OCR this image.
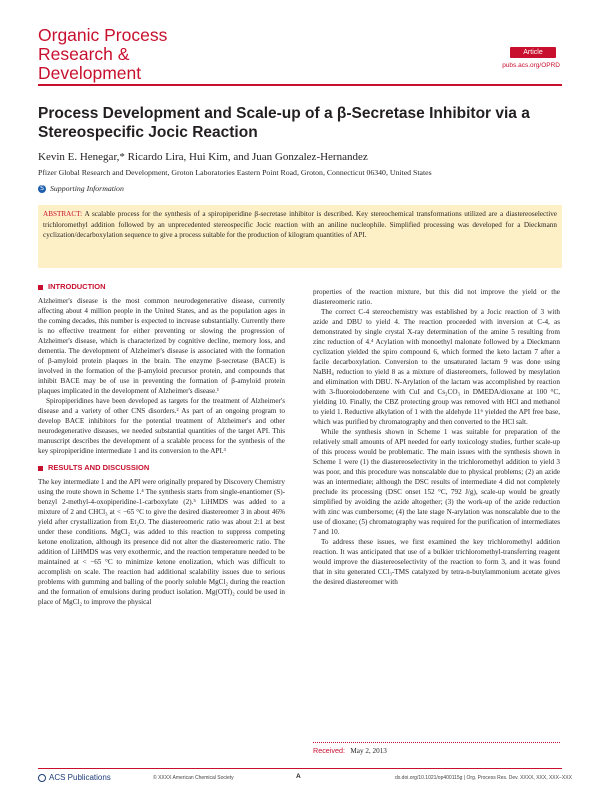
Organic Process
Research &
Development
Article
pubs.acs.org/OPRD
Process Development and Scale-up of a β-Secretase Inhibitor via a Stereospecific Jocic Reaction
Kevin E. Henegar,* Ricardo Lira, Hui Kim, and Juan Gonzalez-Hernandez
Pfizer Global Research and Development, Groton Laboratories Eastern Point Road, Groton, Connecticut 06340, United States
S Supporting Information
ABSTRACT: A scalable process for the synthesis of a spiropiperidine β-secretase inhibitor is described. Key stereochemical transformations utilized are a diastereoselective trichloromethyl addition followed by an unprecedented stereospecific Jocic reaction with an aniline nucleophile. Simplified processing was developed for a Dieckmann cyclization/decarboxylation sequence to give a process suitable for the production of kilogram quantities of API.
INTRODUCTION

Alzheimer's disease is the most common neurodegenerative disease, currently affecting about 4 million people in the United States, and as the population ages in the coming decades, this number is expected to increase substantially. Currently there is no effective treatment for either preventing or slowing the progression of Alzheimer's disease, which is characterized by cognitive decline, memory loss, and dementia. The development of Alzheimer's disease is associated with the formation of β-amyloid protein plaques in the brain. The enzyme β-secretase (BACE) is involved in the formation of the β-amyloid precursor protein, and compounds that inhibit BACE may be of use in preventing the formation of β-amyloid protein plaques implicated in the development of Alzheimer's disease.¹

Spiropiperidines have been developed as targets for the treatment of Alzheimer's disease and a variety of other CNS disorders.² As part of an ongoing program to develop BACE inhibitors for the potential treatment of Alzheimer's and other neurodegenerative diseases, we needed substantial quantities of the target API. This manuscript describes the development of a scalable process for the synthesis of the key spiropiperidine intermediate 1 and its conversion to the API.³

RESULTS AND DISCUSSION

The key intermediate 1 and the API were originally prepared by Discovery Chemistry using the route shown in Scheme 1.⁴ The synthesis starts from single-enantiomer (S)-benzyl 2-methyl-4-oxopiperidine-1-carboxylate (2).⁵ LiHMDS was added to a mixture of 2 and CHCl₃ at < −65 °C to give the desired diastereomer 3 in about 46% yield after crystallization from Et₂O. The diastereomeric ratio was about 2:1 at best under these conditions. MgCl₂ was added to this reaction to suppress competing ketone enolization, although its presence did not alter the diastereomeric ratio. The addition of LiHMDS was very exothermic, and the reaction temperature needed to be maintained at < −65 °C to minimize ketone enolization, which was difficult to accomplish on scale. The reaction had additional scalability issues due to serious problems with gumming and balling of the poorly soluble MgCl₂ during the reaction and the formation of emulsions during product isolation. Mg(OTf)₂ could be used in place of MgCl₂ to improve the physical

properties of the reaction mixture, but this did not improve the yield or the diastereomeric ratio.

The correct C-4 stereochemistry was established by a Jocic reaction of 3 with azide and DBU to yield 4. The reaction proceeded with inversion at C-4, as demonstrated by single crystal X-ray determination of the amine 5 resulting from zinc reduction of 4.⁴ Acylation with monoethyl malonate followed by a Dieckmann cyclization yielded the spiro compound 6, which formed the keto lactam 7 after a facile decarboxylation. Conversion to the unsaturated lactam 9 was done using NaBH₄ reduction to yield 8 as a mixture of diastereomers, followed by mesylation and elimination with DBU. N-Arylation of the lactam was accomplished by reaction with 3-fluoroiodobenzene with CuI and Cs₂CO₃ in DMEDA/dioxane at 100 °C, yielding 10. Finally, the CBZ protecting group was removed with HCl and methanol to yield 1. Reductive alkylation of 1 with the aldehyde 11⁶ yielded the API free base, which was purified by chromatography and then converted to the HCl salt.

While the synthesis shown in Scheme 1 was suitable for preparation of the relatively small amounts of API needed for early toxicology studies, further scale-up of this process would be problematic. The main issues with the synthesis shown in Scheme 1 were (1) the diastereoselectivity in the trichloromethyl addition to yield 3 was poor, and this procedure was nonscalable due to physical problems; (2) an azide was an intermediate; although the DSC results of intermediate 4 did not completely preclude its processing (DSC onset 152 °C, 792 J/g), scale-up would be greatly simplified by avoiding the azide altogether; (3) the work-up of the azide reduction with zinc was cumbersome; (4) the late stage N-arylation was nonscalable due to the use of dioxane; (5) chromatography was required for the purification of intermediates 7 and 10.

To address these issues, we first examined the key trichloromethyl addition reaction. It was anticipated that use of a bulkier trichloromethyl-transferring reagent would improve the diastereoselectivity of the reaction to form 3, and it was found that in situ generated CCl₃-TMS catalyzed by tetra-n-butylammonium acetate gives the desired diastereomer with

Received: May 2, 2013
ACS Publications	© XXXX American Chemical Society	A	dx.doi.org/10.1021/op400115g | Org. Process Res. Dev. XXXX, XXX, XXX−XXX
